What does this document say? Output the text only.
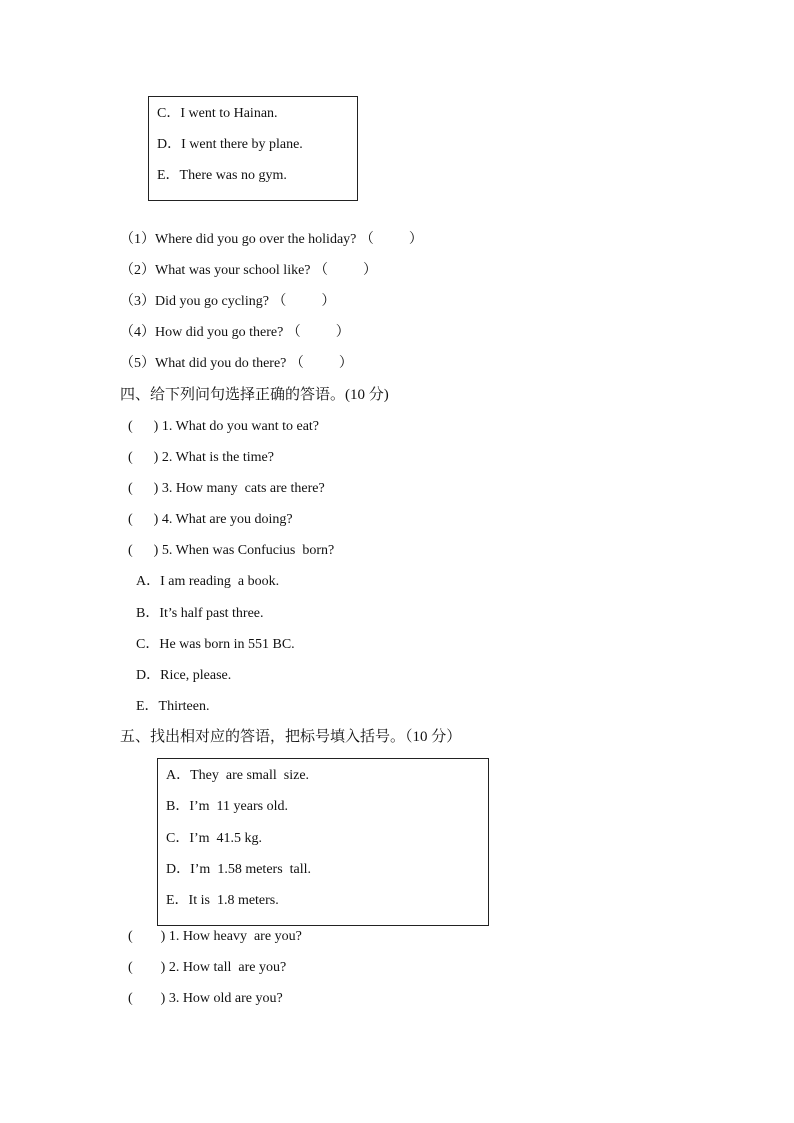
C．I went to Hainan.
D．I went there by plane.
E．There was no gym.
（1）Where did you go over the holiday? （          ）
（2）What was your school like? （          ）
（3）Did you go cycling? （          ）
（4）How did you go there? （          ）
（5）What did you do there? （          ）
四、给下列问句选择正确的答语。(10 分)
(      ) 1. What do you want to eat?
(      ) 2. What is the time?
(      ) 3. How many  cats are there?
(      ) 4. What are you doing?
(      ) 5. When was Confucius  born?
A．I am reading  a book.
B．It’s half past three.
C．He was born in 551 BC.
D．Rice, please.
E．Thirteen.
五、找出相对应的答语，把标号填入括号。（10 分）
A．They  are small  size.
B．I’m  11 years old.
C．I’m  41.5 kg.
D．I’m  1.58 meters  tall.
E．It is  1.8 meters.
(        ) 1. How heavy  are you?
(        ) 2. How tall  are you?
(        ) 3. How old are you?
